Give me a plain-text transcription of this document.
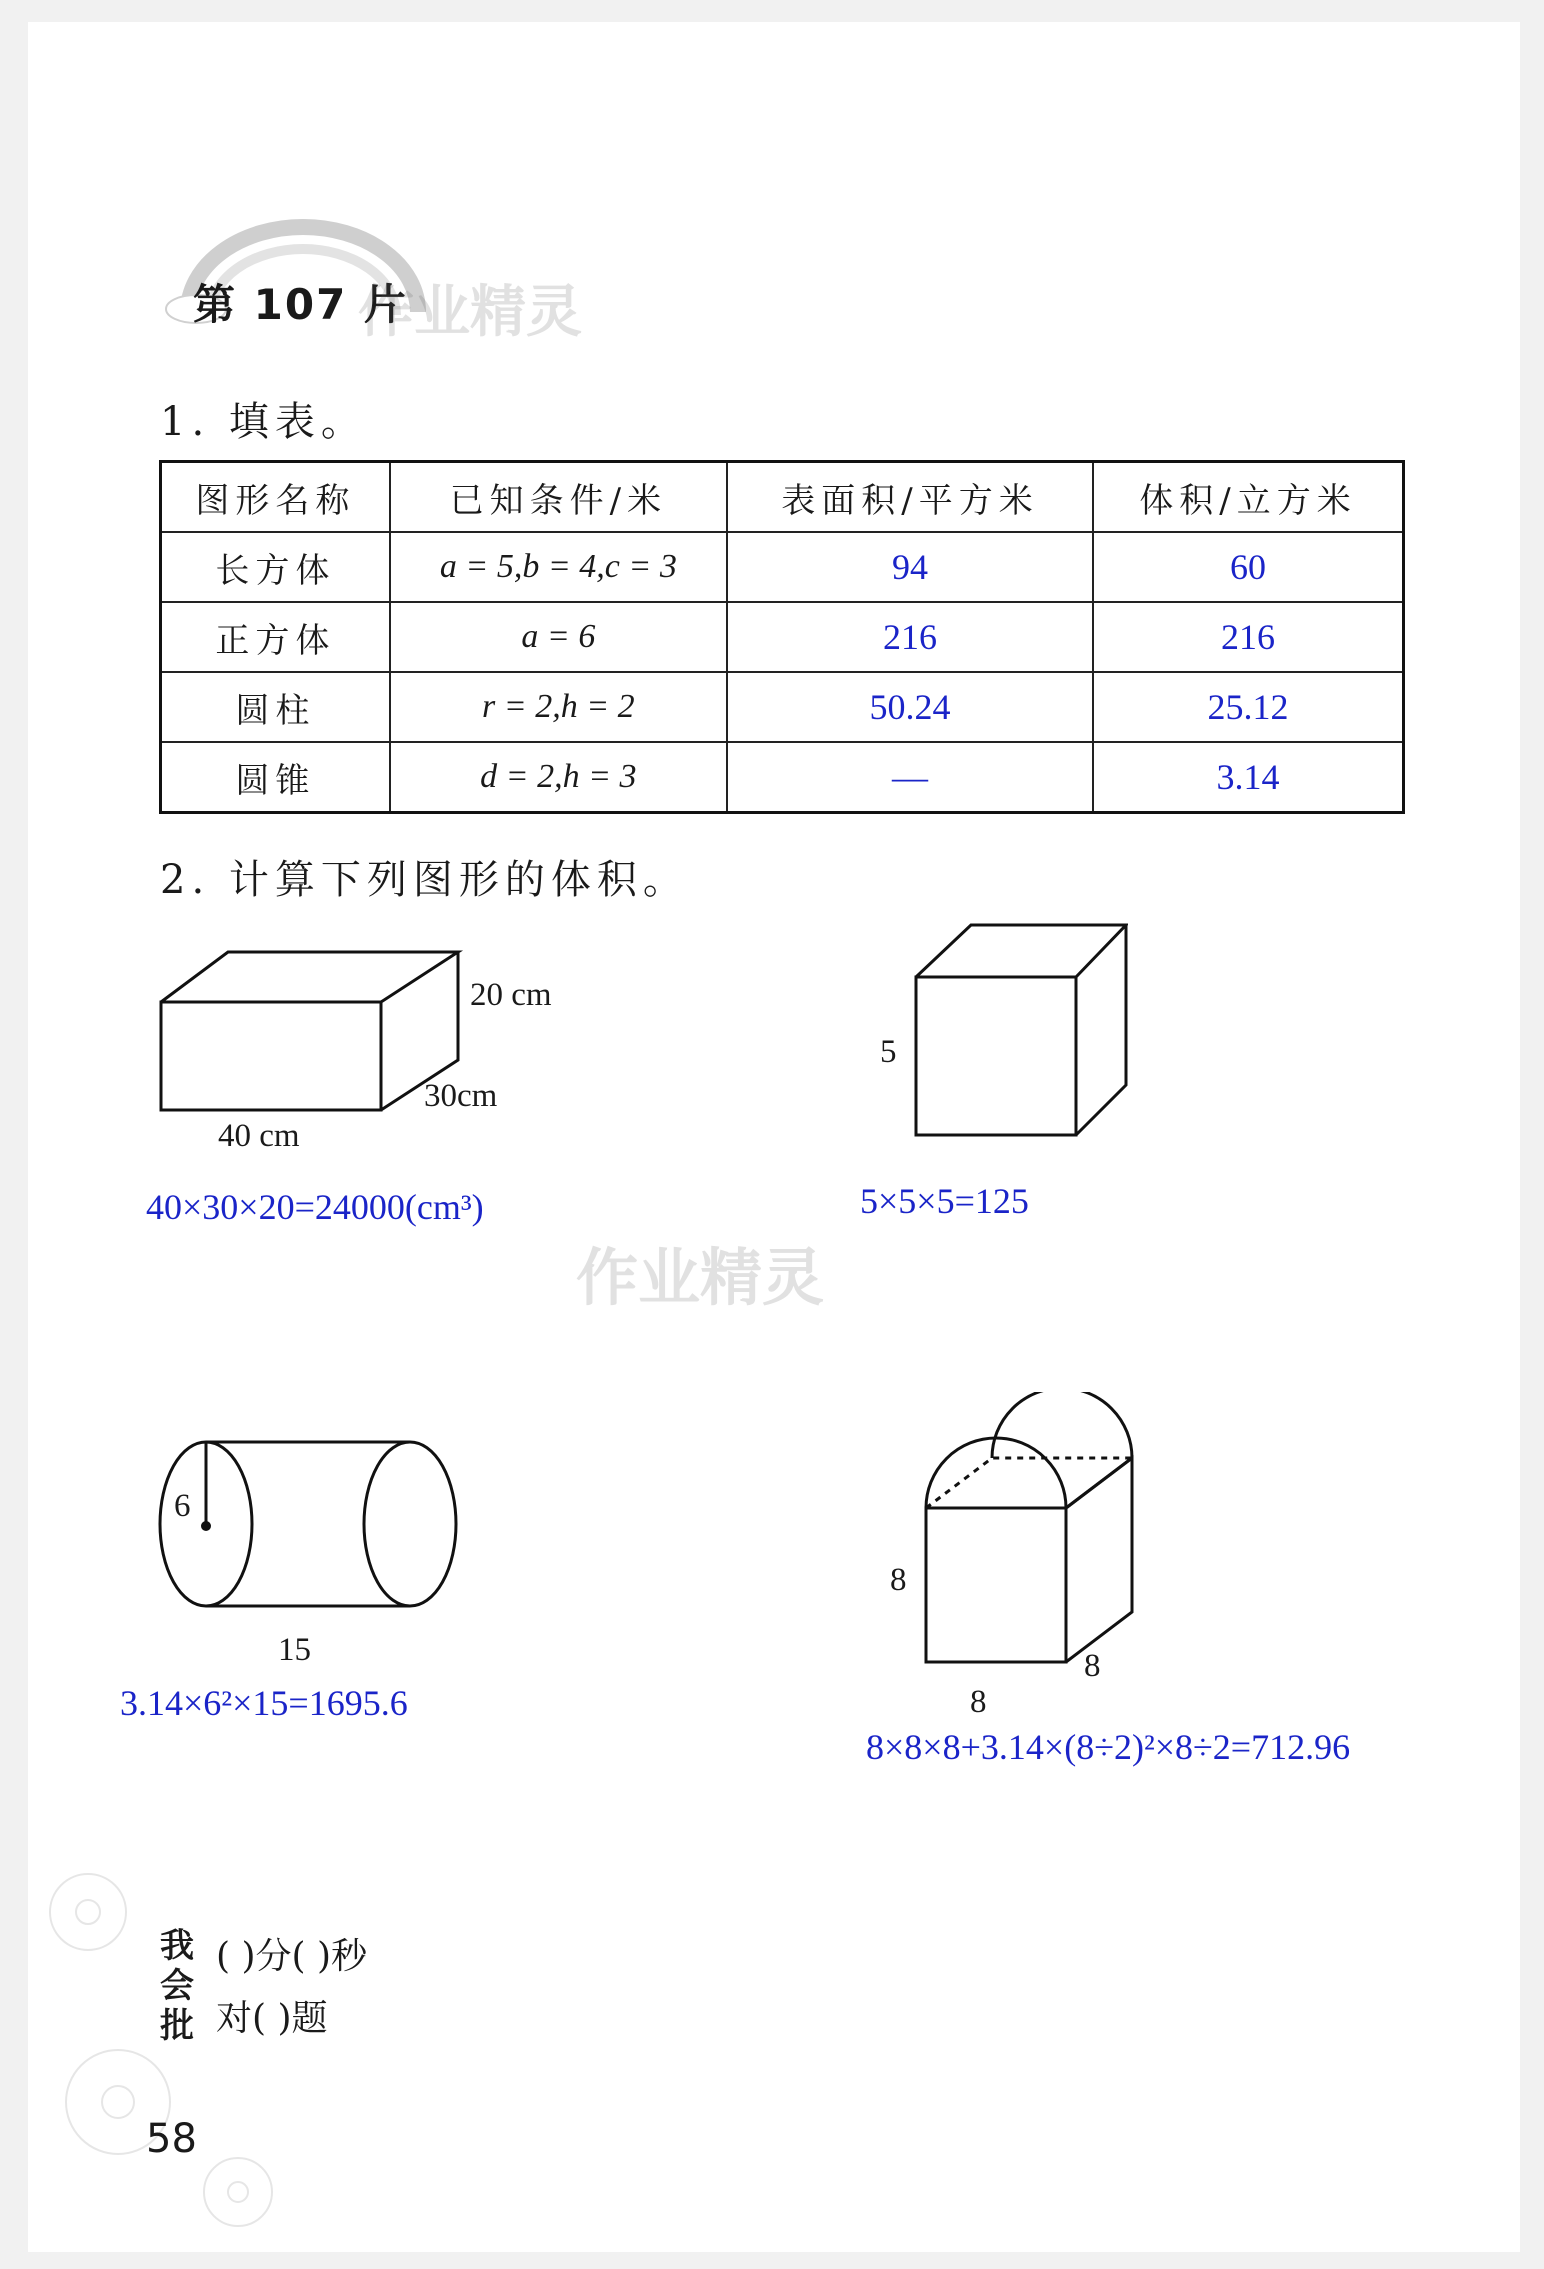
第 107 片
作业精灵
1. 填表。
图形名称	已知条件/米	表面积/平方米	体积/立方米
长方体	a = 5,b = 4,c = 3	94	60
正方体	a = 6	216	216
圆柱	r = 2,h = 2	50.24	25.12
圆锥	d = 2,h = 3	—	3.14
2. 计算下列图形的体积。
20 cm
30cm
40 cm
40×30×20=24000(cm³)
5
5×5×5=125
6
15
3.14×6²×15=1695.6
8
8
8
8×8×8+3.14×(8÷2)²×8÷2=712.96
作业精灵
我
会
批
( )分( )秒
对( )题
58
